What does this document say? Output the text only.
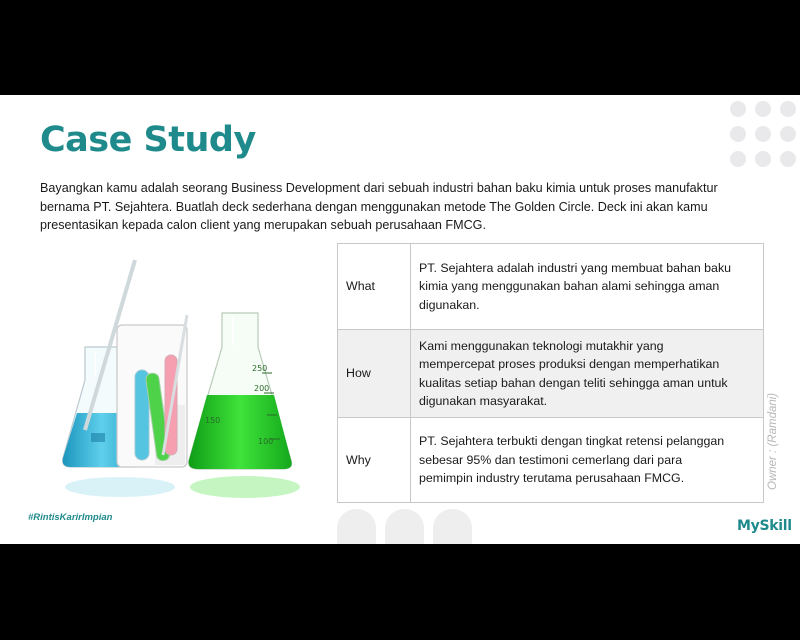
Case Study
Bayangkan kamu adalah seorang Business Development dari sebuah industri bahan baku kimia untuk proses manufaktur
bernama PT. Sejahtera. Buatlah deck sederhana dengan menggunakan metode The Golden Circle. Deck ini akan kamu
presentasikan kepada calon client yang merupakan sebuah perusahaan FMCG.
250
200
150
100
What	PT. Sejahtera adalah industri yang membuat bahan baku
kimia yang menggunakan bahan alami sehingga aman
digunakan.

How	Kami menggunakan teknologi mutakhir yang
mempercepat proses produksi dengan memperhatikan
kualitas setiap bahan dengan teliti sehingga aman untuk
digunakan masyarakat.

Why	PT. Sejahtera terbukti dengan tingkat retensi pelanggan
sebesar 95% dan testimoni cemerlang dari para
pemimpin industry terutama perusahaan FMCG.	Owner : (Ramdani)
#RintisKarirImpian
MySkill
